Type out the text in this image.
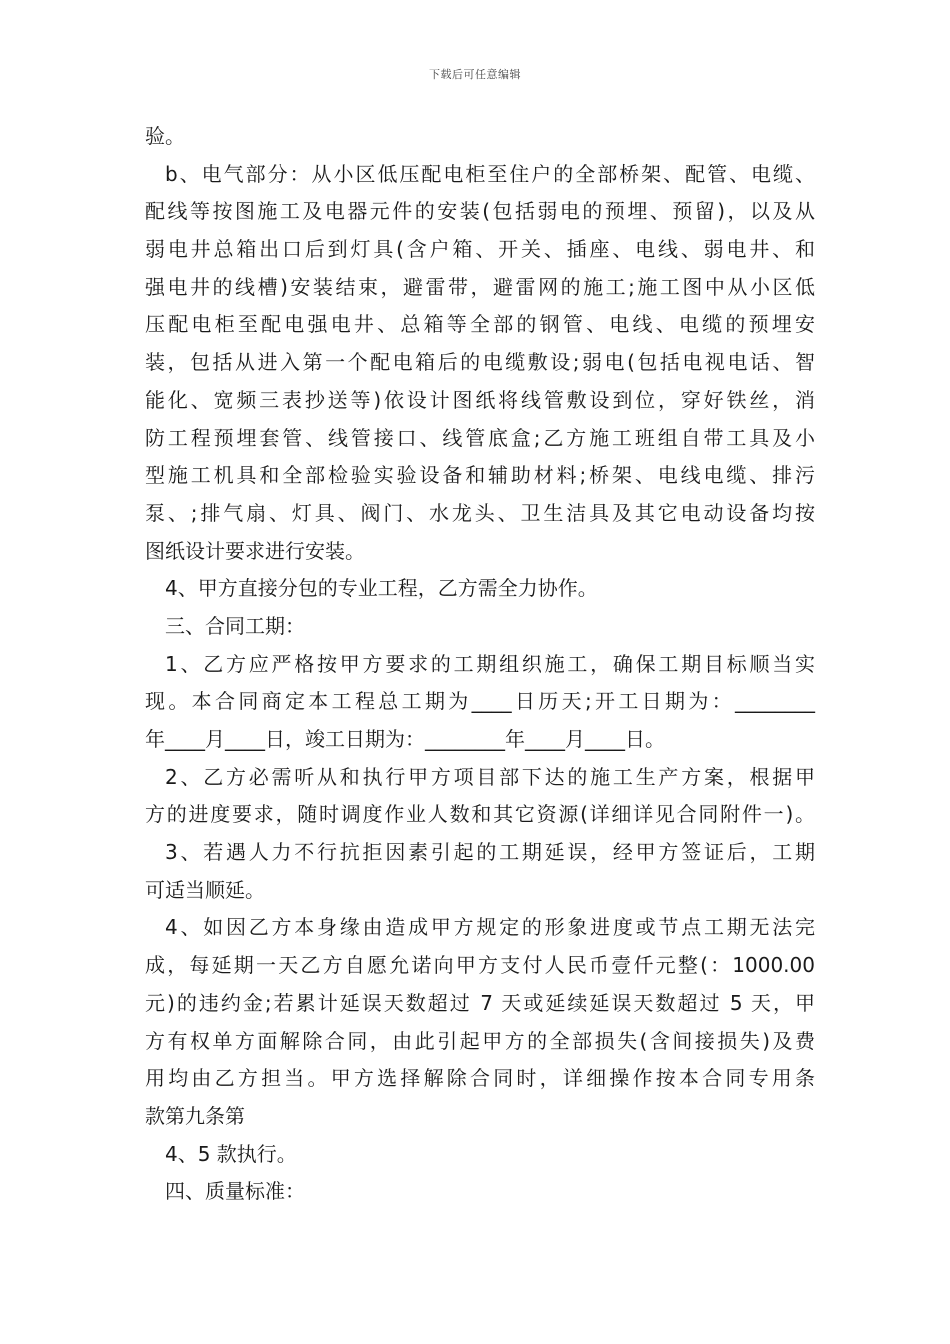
下载后可任意编辑
验。
b、电气部分：从小区低压配电柜至住户的全部桥架、配管、电缆、
配线等按图施工及电器元件的安装(包括弱电的预埋、预留)，以及从
弱电井总箱出口后到灯具(含户箱、开关、插座、电线、弱电井、和
强电井的线槽)安装结束，避雷带，避雷网的施工;施工图中从小区低
压配电柜至配电强电井、总箱等全部的钢管、电线、电缆的预埋安
装，包括从进入第一个配电箱后的电缆敷设;弱电(包括电视电话、智
能化、宽频三表抄送等)依设计图纸将线管敷设到位，穿好铁丝，消
防工程预埋套管、线管接口、线管底盒;乙方施工班组自带工具及小
型施工机具和全部检验实验设备和辅助材料;桥架、电线电缆、排污
泵、;排气扇、灯具、阀门、水龙头、卫生洁具及其它电动设备均按
图纸设计要求进行安装。
4、甲方直接分包的专业工程，乙方需全力协作。
三、合同工期：
1、乙方应严格按甲方要求的工期组织施工，确保工期目标顺当实
现。本合同商定本工程总工期为____日历天;开工日期为：________
年____月____日，竣工日期为：________年____月____日。
2、乙方必需听从和执行甲方项目部下达的施工生产方案，根据甲
方的进度要求，随时调度作业人数和其它资源(详细详见合同附件一)。
3、若遇人力不行抗拒因素引起的工期延误，经甲方签证后，工期
可适当顺延。
4、如因乙方本身缘由造成甲方规定的形象进度或节点工期无法完
成，每延期一天乙方自愿允诺向甲方支付人民币壹仟元整(：1000.00
元)的违约金;若累计延误天数超过 7 天或延续延误天数超过 5 天，甲
方有权单方面解除合同，由此引起甲方的全部损失(含间接损失)及费
用均由乙方担当。甲方选择解除合同时，详细操作按本合同专用条
款第九条第
4、5 款执行。
四、质量标准：
